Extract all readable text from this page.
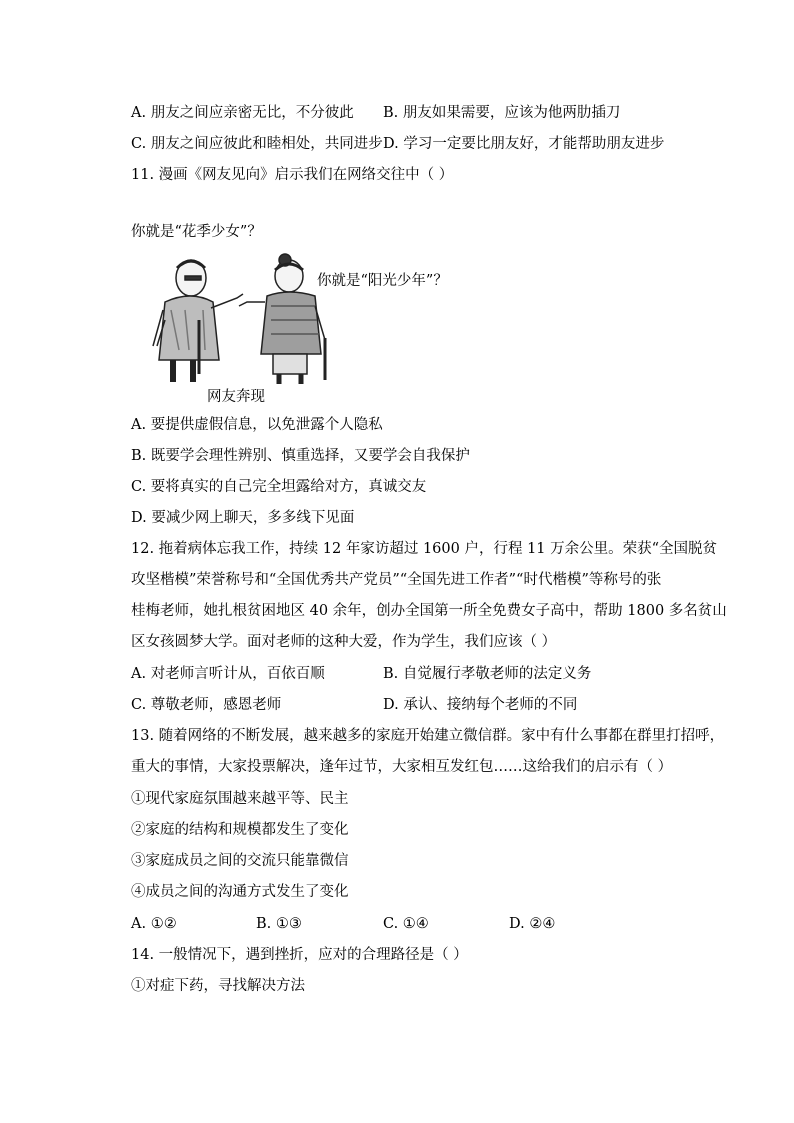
A. 朋友之间应亲密无比，不分彼此 B. 朋友如果需要，应该为他两肋插刀
C. 朋友之间应彼此和睦相处，共同进步 D. 学习一定要比朋友好，才能帮助朋友进步
11. 漫画《网友见向》启示我们在网络交往中（ ）
你就是“花季少女”？
你就是“阳光少年”？
网友奔现
A. 要提供虚假信息，以免泄露个人隐私
B. 既要学会理性辨别、慎重选择，又要学会自我保护
C. 要将真实的自己完全坦露给对方，真诚交友
D. 要减少网上聊天，多多线下见面
12. 拖着病体忘我工作，持续 12 年家访超过 1600 户，行程 11 万余公里。荣获“全国脱贫
攻坚楷模”荣誉称号和“全国优秀共产党员”“全国先进工作者”“时代楷模”等称号的张
桂梅老师，她扎根贫困地区 40 余年，创办全国第一所全免费女子高中，帮助 1800 多名贫山
区女孩圆梦大学。面对老师的这种大爱，作为学生，我们应该（ ）
A. 对老师言听计从，百依百顺	B. 自觉履行孝敬老师的法定义务
C. 尊敬老师，感恩老师	D. 承认、接纳每个老师的不同
13. 随着网络的不断发展，越来越多的家庭开始建立微信群。家中有什么事都在群里打招呼，
重大的事情，大家投票解决，逢年过节，大家相互发红包……这给我们的启示有（ ）
①现代家庭氛围越来越平等、民主
②家庭的结构和规模都发生了变化
③家庭成员之间的交流只能靠微信
④成员之间的沟通方式发生了变化
A. ①②	B. ①③	C. ①④	D. ②④
14. 一般情况下，遇到挫折，应对的合理路径是（ ）
①对症下药，寻找解决方法
